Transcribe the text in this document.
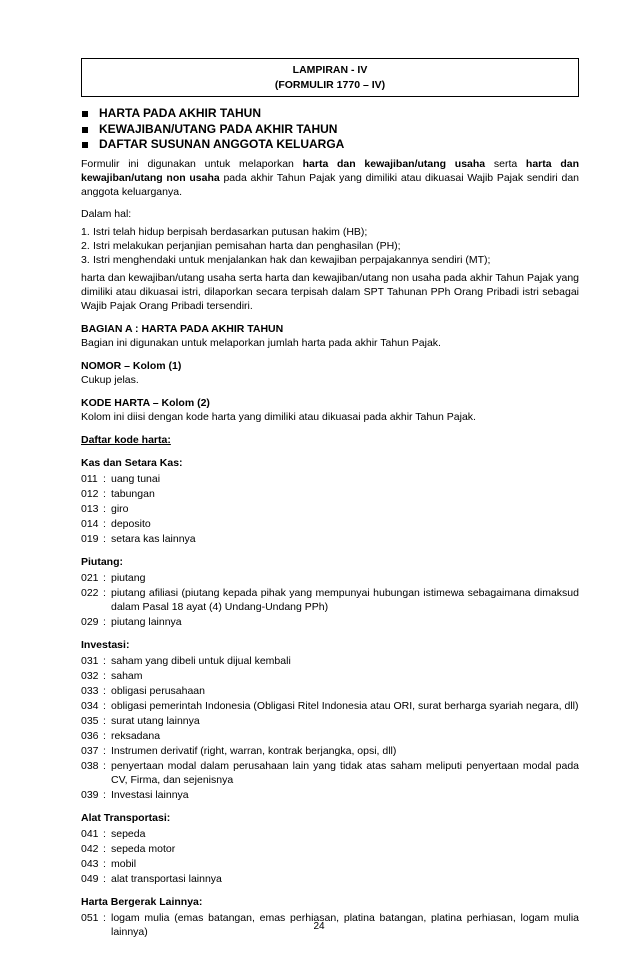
LAMPIRAN - IV
(FORMULIR 1770 – IV)
HARTA PADA AKHIR TAHUN
KEWAJIBAN/UTANG PADA AKHIR TAHUN
DAFTAR SUSUNAN ANGGOTA KELUARGA

Formulir ini digunakan untuk melaporkan harta dan kewajiban/utang usaha serta harta dan kewajiban/utang non usaha pada akhir Tahun Pajak yang dimiliki atau dikuasai Wajib Pajak sendiri dan anggota keluarganya.

Dalam hal:

1. Istri telah hidup berpisah berdasarkan putusan hakim (HB);
2. Istri melakukan perjanjian pemisahan harta dan penghasilan (PH);
3. Istri menghendaki untuk menjalankan hak dan kewajiban perpajakannya sendiri (MT);

harta dan kewajiban/utang usaha serta harta dan kewajiban/utang non usaha pada akhir Tahun Pajak yang dimiliki atau dikuasai istri, dilaporkan secara terpisah dalam SPT Tahunan PPh Orang Pribadi istri sebagai Wajib Pajak Orang Pribadi tersendiri.

BAGIAN A : HARTA PADA AKHIR TAHUN

Bagian ini digunakan untuk melaporkan jumlah harta pada akhir Tahun Pajak.

NOMOR – Kolom (1)

Cukup jelas.

KODE HARTA – Kolom (2)

Kolom ini diisi dengan kode harta yang dimiliki atau dikuasai pada akhir Tahun Pajak.

Daftar kode harta:

Kas dan Setara Kas:

011 : uang tunai
012 : tabungan
013 : giro
014 : deposito
019 : setara kas lainnya

Piutang:

021 : piutang
022 : piutang afiliasi (piutang kepada pihak yang mempunyai hubungan istimewa sebagaimana dimaksud dalam Pasal 18 ayat (4) Undang-Undang PPh)
029 : piutang lainnya

Investasi:

031 : saham yang dibeli untuk dijual kembali
032 : saham
033 : obligasi perusahaan
034 : obligasi pemerintah Indonesia (Obligasi Ritel Indonesia atau ORI, surat berharga syariah negara, dll)
035 : surat utang lainnya
036 : reksadana
037 : Instrumen derivatif (right, warran, kontrak berjangka, opsi, dll)
038 : penyertaan modal dalam perusahaan lain yang tidak atas saham meliputi penyertaan modal pada CV, Firma, dan sejenisnya
039 : Investasi lainnya

Alat Transportasi:

041 : sepeda
042 : sepeda motor
043 : mobil
049 : alat transportasi lainnya

Harta Bergerak Lainnya:

051 : logam mulia (emas batangan, emas perhiasan, platina batangan, platina perhiasan, logam mulia lainnya)	24
